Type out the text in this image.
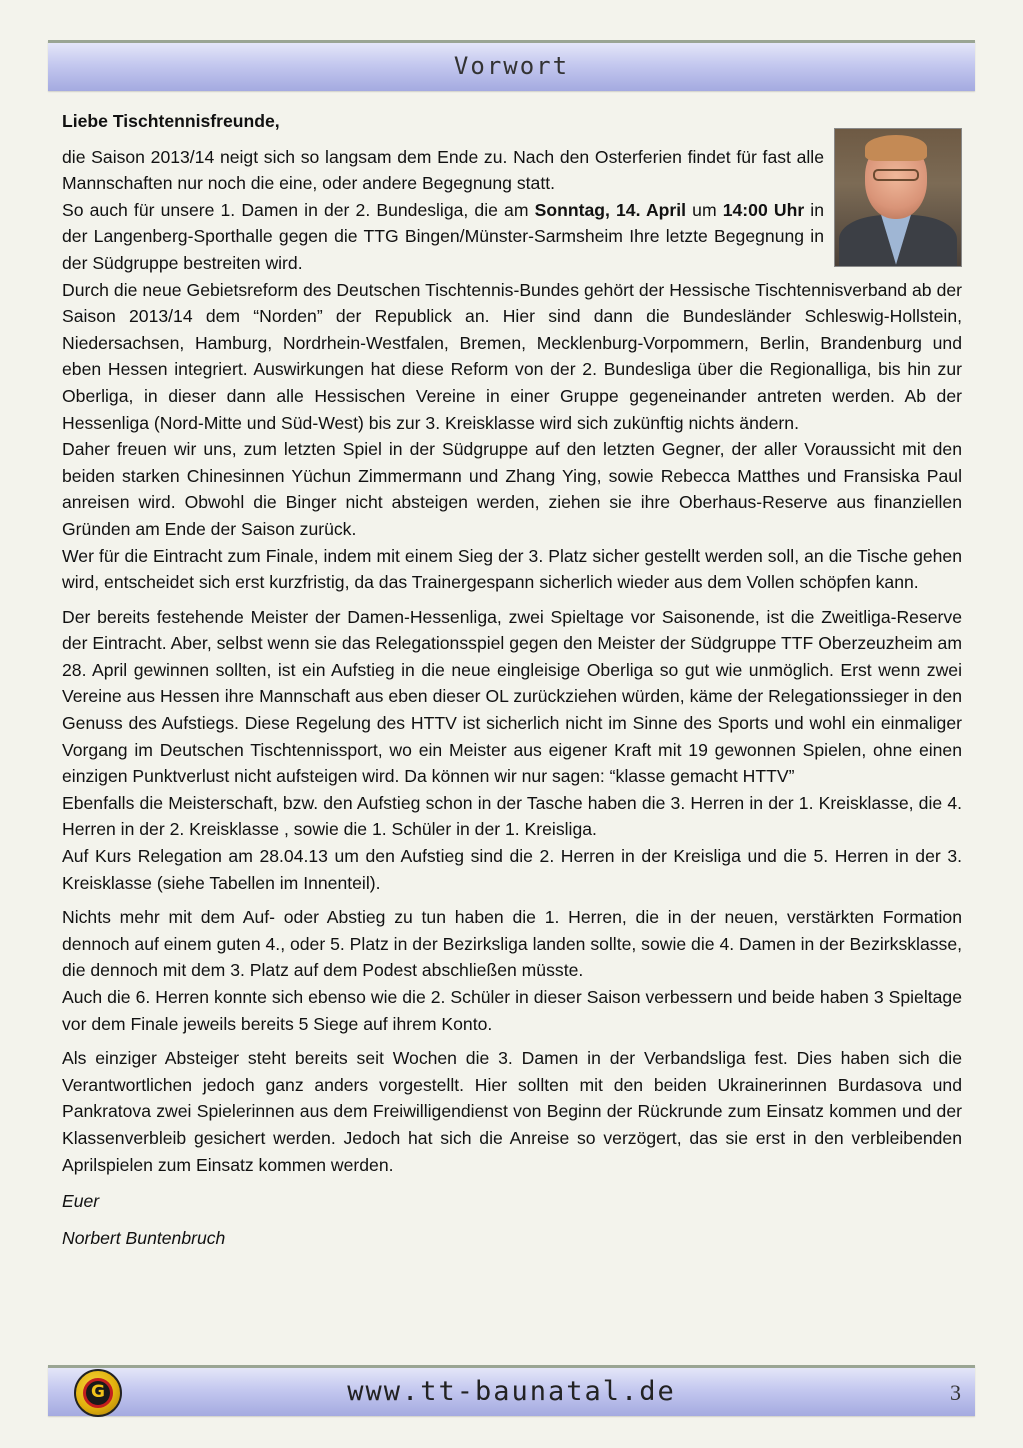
Vorwort

Liebe Tischtennisfreunde,

die Saison 2013/14 neigt sich so langsam dem Ende zu. Nach den Osterferien findet für fast alle Mannschaften nur noch die eine, oder andere Begegnung statt.

So auch für unsere 1. Damen in der 2. Bundesliga, die am Sonntag, 14. April um 14:00 Uhr in der Langenberg-Sporthalle gegen die TTG Bingen/Münster-Sarmsheim Ihre letzte Begegnung in der Südgruppe bestreiten wird.

Durch die neue Gebietsreform des Deutschen Tischtennis-Bundes gehört der Hessische Tischtennisverband ab der Saison 2013/14 dem “Norden” der Republick an. Hier sind dann die Bundesländer Schleswig-Hollstein, Niedersachsen, Hamburg, Nordrhein-Westfalen, Bremen, Mecklenburg-Vorpommern, Berlin, Brandenburg und eben Hessen integriert. Auswirkungen hat diese Reform von der 2. Bundesliga über die Regionalliga, bis hin zur Oberliga, in dieser dann alle Hessischen Vereine in einer Gruppe gegeneinander antreten werden. Ab der Hessenliga (Nord-Mitte und Süd-West) bis zur 3. Kreisklasse wird sich zukünftig nichts ändern.

Daher freuen wir uns, zum letzten Spiel in der Südgruppe auf den letzten Gegner, der aller Voraussicht mit den beiden starken Chinesinnen Yüchun Zimmermann und Zhang Ying, sowie Rebecca Matthes und Fransiska Paul anreisen wird. Obwohl die Binger nicht absteigen werden, ziehen sie ihre Oberhaus-Reserve aus finanziellen Gründen am Ende der Saison zurück.

Wer für die Eintracht zum Finale, indem mit einem Sieg der 3. Platz sicher gestellt werden soll, an die Tische gehen wird, entscheidet sich erst kurzfristig, da das Trainergespann sicherlich wieder aus dem Vollen schöpfen kann.

Der bereits festehende Meister der Damen-Hessenliga, zwei Spieltage vor Saisonende, ist die Zweitliga-Reserve der Eintracht. Aber, selbst wenn sie das Relegationsspiel gegen den Meister der Südgruppe TTF Oberzeuzheim am 28. April gewinnen sollten, ist ein Aufstieg in die neue eingleisige Oberliga so gut wie unmöglich. Erst wenn zwei Vereine aus Hessen ihre Mannschaft aus eben dieser OL zurückziehen würden, käme der Relegationssieger in den Genuss des Aufstiegs. Diese Regelung des HTTV ist sicherlich nicht im Sinne des Sports und wohl ein einmaliger Vorgang im Deutschen Tischtennissport, wo ein Meister aus eigener Kraft mit 19 gewonnen Spielen, ohne einen einzigen Punktverlust nicht aufsteigen wird. Da können wir nur sagen: “klasse gemacht HTTV”

Ebenfalls die Meisterschaft, bzw. den Aufstieg schon in der Tasche haben die 3. Herren in der 1. Kreisklasse, die 4. Herren in der 2. Kreisklasse , sowie die 1. Schüler in der 1. Kreisliga.

Auf Kurs Relegation am 28.04.13 um den Aufstieg sind die 2. Herren in der Kreisliga und die 5. Herren in der 3. Kreisklasse (siehe Tabellen im Innenteil).

Nichts mehr mit dem Auf- oder Abstieg zu tun haben die 1. Herren, die in der neuen, verstärkten Formation dennoch auf einem guten 4., oder 5. Platz in der Bezirksliga landen sollte, sowie die 4. Damen in der Bezirksklasse, die dennoch mit dem 3. Platz auf dem Podest abschließen müsste.

Auch die 6. Herren konnte sich ebenso wie die 2. Schüler in dieser Saison verbessern und beide haben 3 Spieltage vor dem Finale jeweils bereits 5 Siege auf ihrem Konto.

Als einziger Absteiger steht bereits seit Wochen die 3. Damen in der Verbandsliga fest. Dies haben sich die Verantwortlichen jedoch ganz anders vorgestellt. Hier sollten mit den beiden Ukrainerinnen Burdasova und Pankratova zwei Spielerinnen aus dem Freiwilligendienst von Beginn der Rückrunde zum Einsatz kommen und der Klassenverbleib gesichert werden. Jedoch hat sich die Anreise so verzögert, das sie erst in den verbleibenden Aprilspielen zum Einsatz kommen werden.

Euer

Norbert Buntenbruch

G	www.tt-baunatal.de	3
